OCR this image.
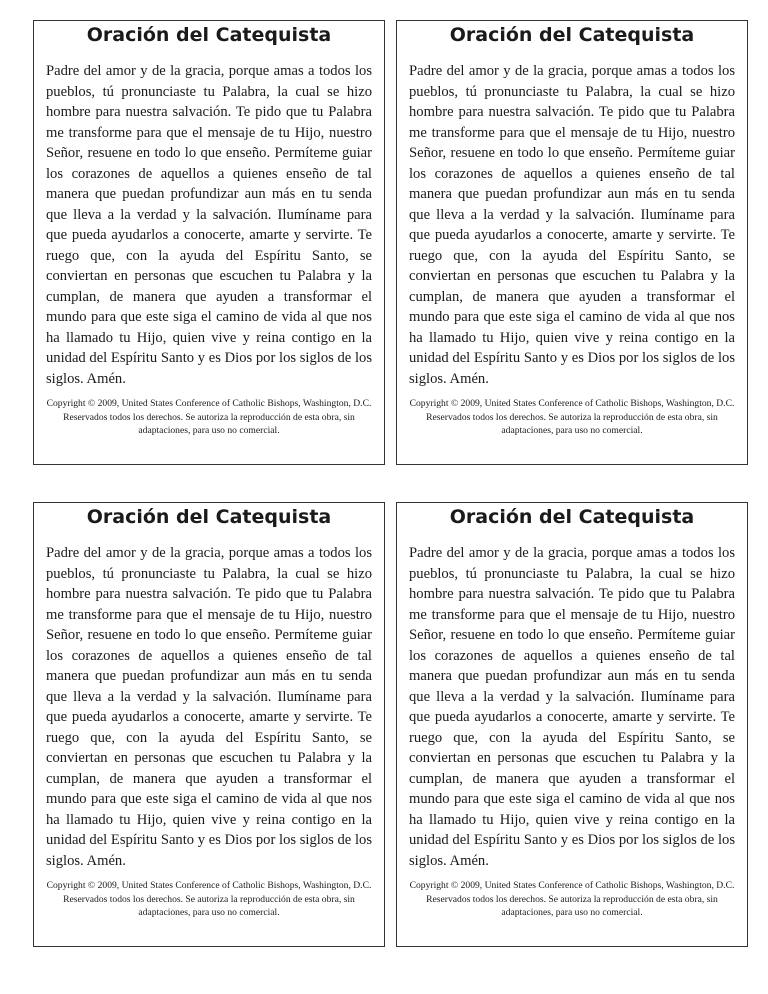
Oración del Catequista

Padre del amor y de la gracia, porque amas a todos los pueblos, tú pronunciaste tu Palabra, la cual se hizo hombre para nuestra salvación. Te pido que tu Palabra me transforme para que el mensaje de tu Hijo, nuestro Señor, resuene en todo lo que enseño. Permíteme guiar los corazones de aquellos a quienes enseño de tal manera que puedan profundizar aun más en tu senda que lleva a la verdad y la salvación. Ilumíname para que pueda ayudarlos a conocerte, amarte y servirte. Te ruego que, con la ayuda del Espíritu Santo, se conviertan en personas que escuchen tu Palabra y la cumplan, de manera que ayuden a transformar el mundo para que este siga el camino de vida al que nos ha llamado tu Hijo, quien vive y reina contigo en la unidad del Espíritu Santo y es Dios por los siglos de los siglos. Amén.

Copyright © 2009, United States Conference of Catholic Bishops, Washington, D.C. Reservados todos los derechos. Se autoriza la reproducción de esta obra, sin adaptaciones, para uso no comercial.

Oración del Catequista

Padre del amor y de la gracia, porque amas a todos los pueblos, tú pronunciaste tu Palabra, la cual se hizo hombre para nuestra salvación. Te pido que tu Palabra me transforme para que el mensaje de tu Hijo, nuestro Señor, resuene en todo lo que enseño. Permíteme guiar los corazones de aquellos a quienes enseño de tal manera que puedan profundizar aun más en tu senda que lleva a la verdad y la salvación. Ilumíname para que pueda ayudarlos a conocerte, amarte y servirte. Te ruego que, con la ayuda del Espíritu Santo, se conviertan en personas que escuchen tu Palabra y la cumplan, de manera que ayuden a transformar el mundo para que este siga el camino de vida al que nos ha llamado tu Hijo, quien vive y reina contigo en la unidad del Espíritu Santo y es Dios por los siglos de los siglos. Amén.

Copyright © 2009, United States Conference of Catholic Bishops, Washington, D.C. Reservados todos los derechos. Se autoriza la reproducción de esta obra, sin adaptaciones, para uso no comercial.

Oración del Catequista

Padre del amor y de la gracia, porque amas a todos los pueblos, tú pronunciaste tu Palabra, la cual se hizo hombre para nuestra salvación. Te pido que tu Palabra me transforme para que el mensaje de tu Hijo, nuestro Señor, resuene en todo lo que enseño. Permíteme guiar los corazones de aquellos a quienes enseño de tal manera que puedan profundizar aun más en tu senda que lleva a la verdad y la salvación. Ilumíname para que pueda ayudarlos a conocerte, amarte y servirte. Te ruego que, con la ayuda del Espíritu Santo, se conviertan en personas que escuchen tu Palabra y la cumplan, de manera que ayuden a transformar el mundo para que este siga el camino de vida al que nos ha llamado tu Hijo, quien vive y reina contigo en la unidad del Espíritu Santo y es Dios por los siglos de los siglos. Amén.

Copyright © 2009, United States Conference of Catholic Bishops, Washington, D.C. Reservados todos los derechos. Se autoriza la reproducción de esta obra, sin adaptaciones, para uso no comercial.

Oración del Catequista

Padre del amor y de la gracia, porque amas a todos los pueblos, tú pronunciaste tu Palabra, la cual se hizo hombre para nuestra salvación. Te pido que tu Palabra me transforme para que el mensaje de tu Hijo, nuestro Señor, resuene en todo lo que enseño. Permíteme guiar los corazones de aquellos a quienes enseño de tal manera que puedan profundizar aun más en tu senda que lleva a la verdad y la salvación. Ilumíname para que pueda ayudarlos a conocerte, amarte y servirte. Te ruego que, con la ayuda del Espíritu Santo, se conviertan en personas que escuchen tu Palabra y la cumplan, de manera que ayuden a transformar el mundo para que este siga el camino de vida al que nos ha llamado tu Hijo, quien vive y reina contigo en la unidad del Espíritu Santo y es Dios por los siglos de los siglos. Amén.

Copyright © 2009, United States Conference of Catholic Bishops, Washington, D.C. Reservados todos los derechos. Se autoriza la reproducción de esta obra, sin adaptaciones, para uso no comercial.
